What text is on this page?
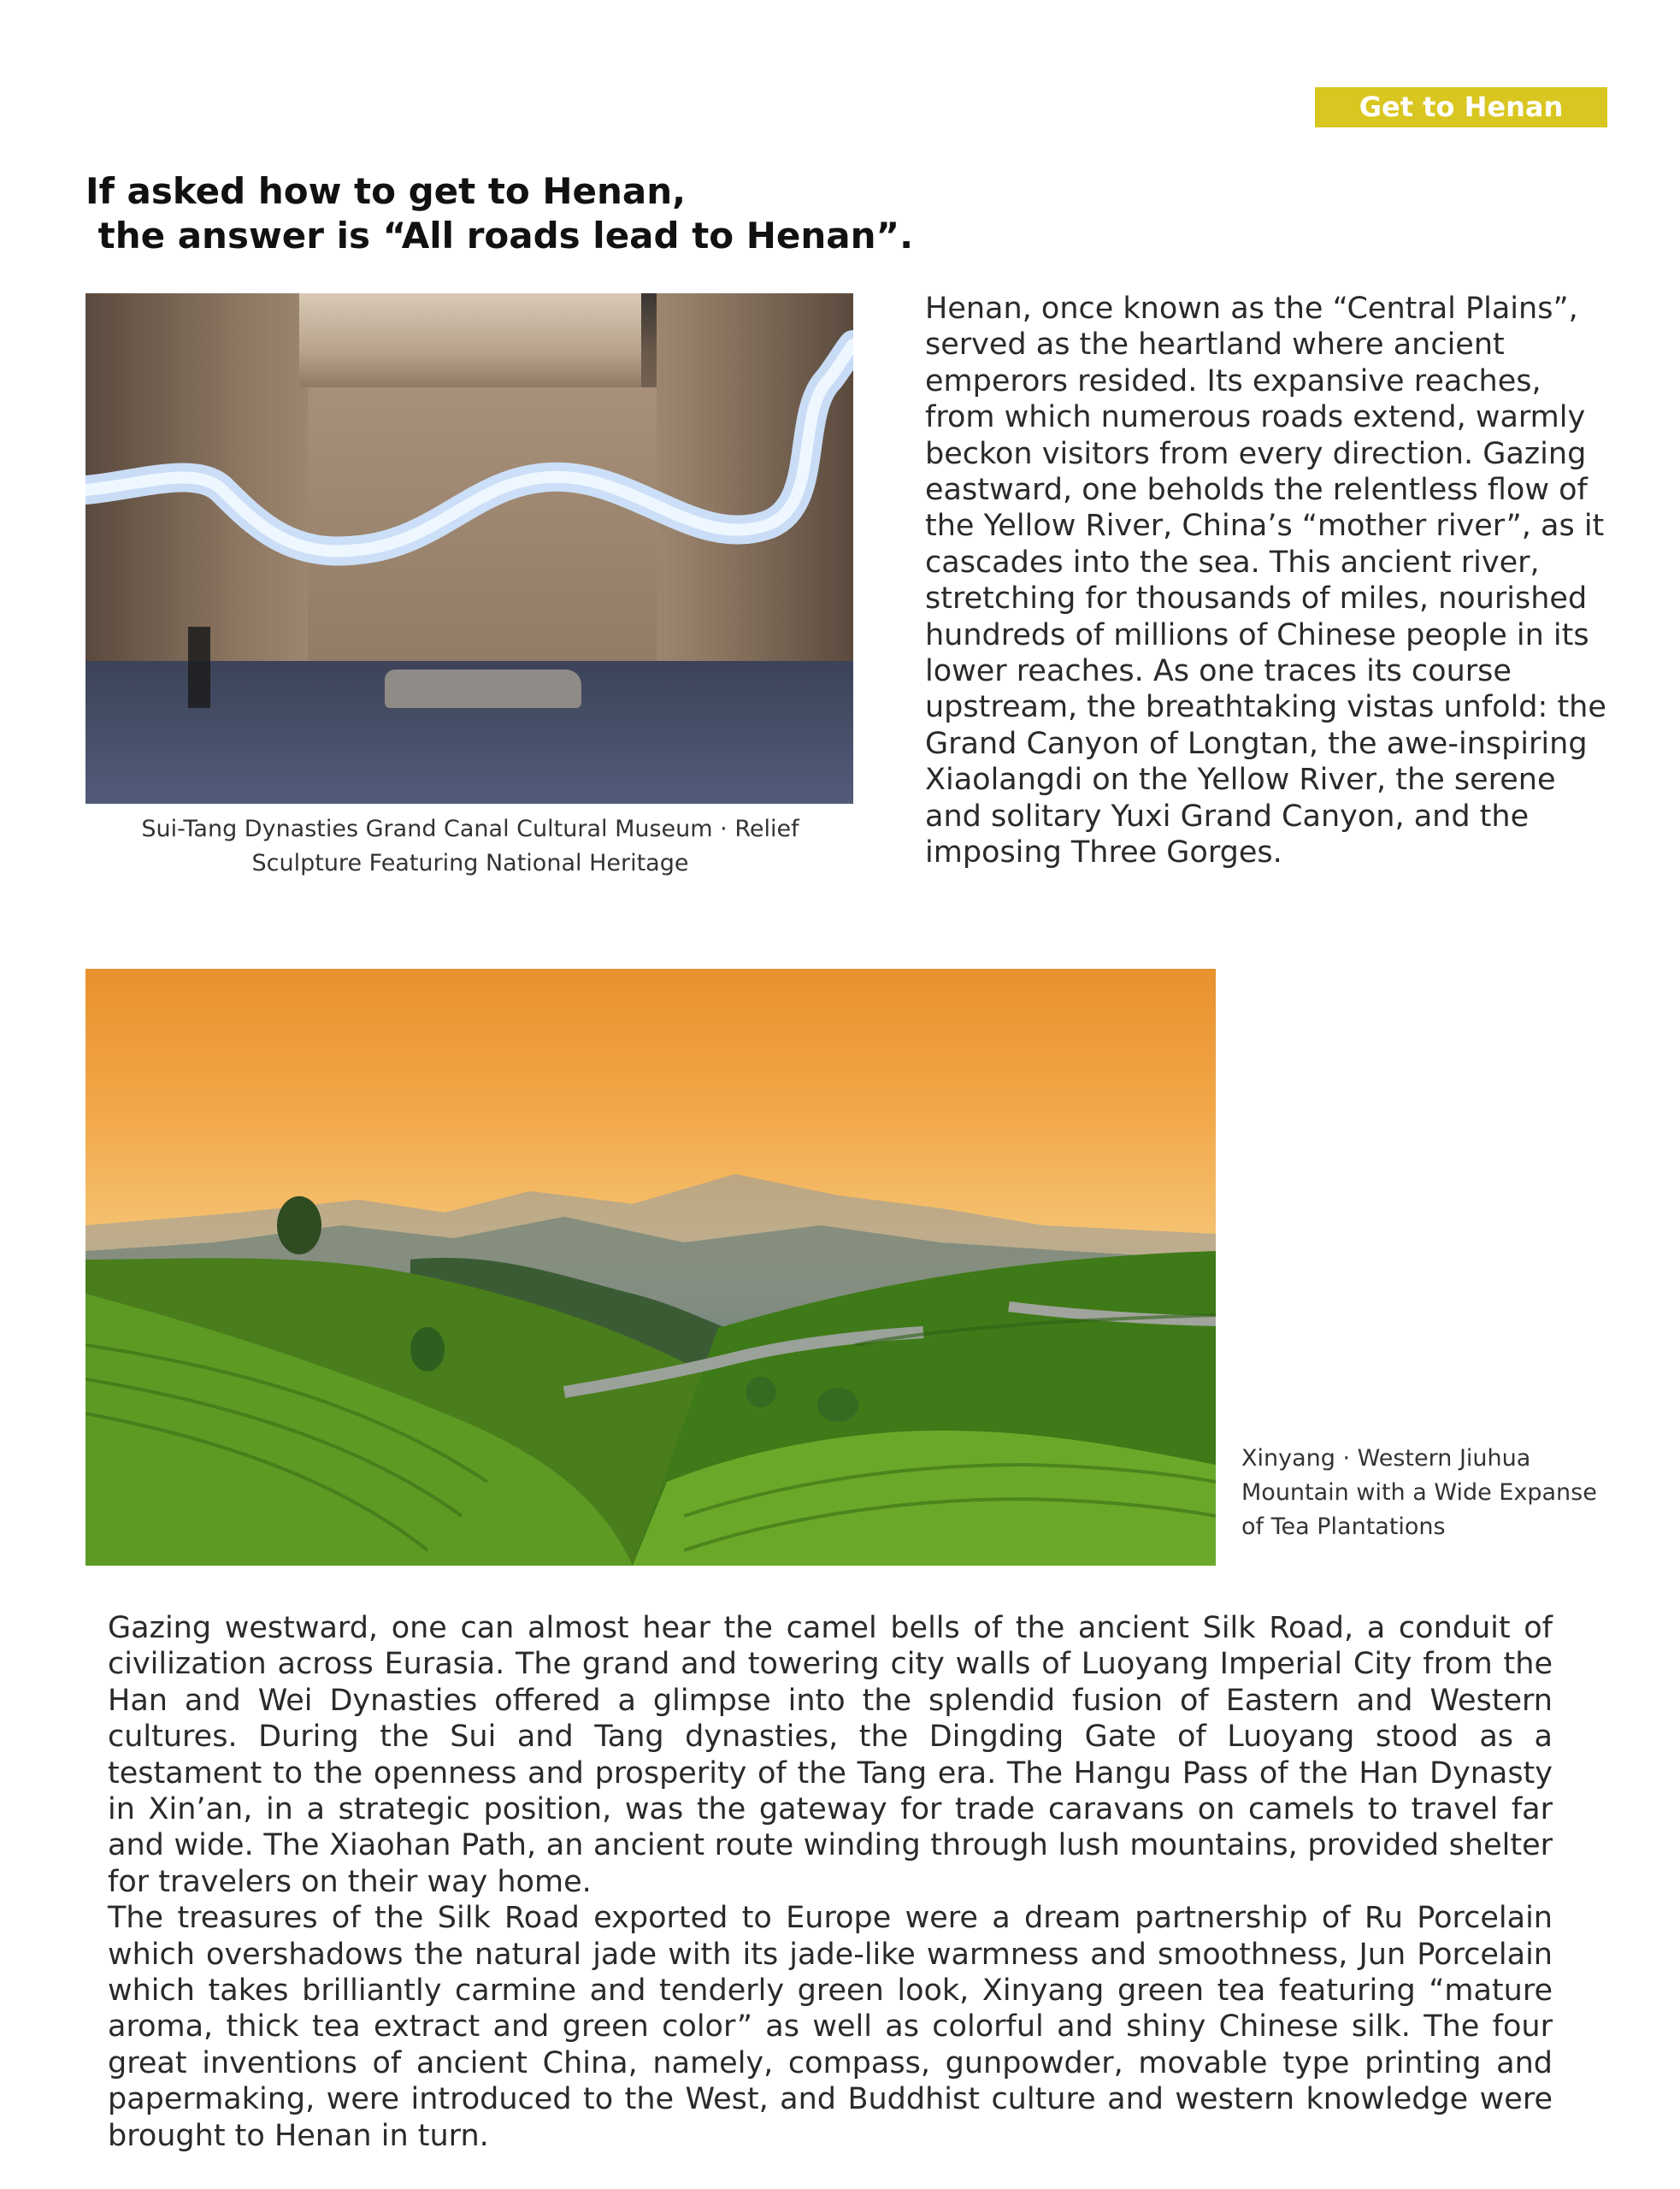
Get to Henan
If asked how to get to Henan,
the answer is “All roads lead to Henan”.

Sui-Tang Dynasties Grand Canal Cultural Museum · Relief Sculpture Featuring National Heritage

Henan, once known as the “Central Plains”, served as the heartland where ancient emperors resided. Its expansive reaches, from which numerous roads extend, warmly beckon visitors from every direction. Gazing eastward, one beholds the relentless flow of the Yellow River, China’s “mother river”, as it cascades into the sea. This ancient river, stretching for thousands of miles, nourished hundreds of millions of Chinese people in its lower reaches. As one traces its course upstream, the breathtaking vistas unfold: the Grand Canyon of Longtan, the awe-inspiring Xiaolangdi on the Yellow River, the serene and solitary Yuxi Grand Canyon, and the imposing Three Gorges.

Xinyang · Western Jiuhua Mountain with a Wide Expanse of Tea Plantations

Gazing westward, one can almost hear the camel bells of the ancient Silk Road, a conduit of civilization across Eurasia. The grand and towering city walls of Luoyang Imperial City from the Han and Wei Dynasties offered a glimpse into the splendid fusion of Eastern and Western cultures. During the Sui and Tang dynasties, the Dingding Gate of Luoyang stood as a testament to the openness and prosperity of the Tang era. The Hangu Pass of the Han Dynasty in Xin’an, in a strategic position, was the gateway for trade caravans on camels to travel far and wide. The Xiaohan Path, an ancient route winding through lush mountains, provided shelter for travelers on their way home.

The treasures of the Silk Road exported to Europe were a dream partnership of Ru Porcelain which overshadows the natural jade with its jade-like warmness and smoothness, Jun Porcelain which takes brilliantly carmine and tenderly green look, Xinyang green tea featuring “mature aroma, thick tea extract and green color” as well as colorful and shiny Chinese silk. The four great inventions of ancient China, namely, compass, gunpowder, movable type printing and papermaking, were introduced to the West, and Buddhist culture and western knowledge were brought to Henan in turn.
